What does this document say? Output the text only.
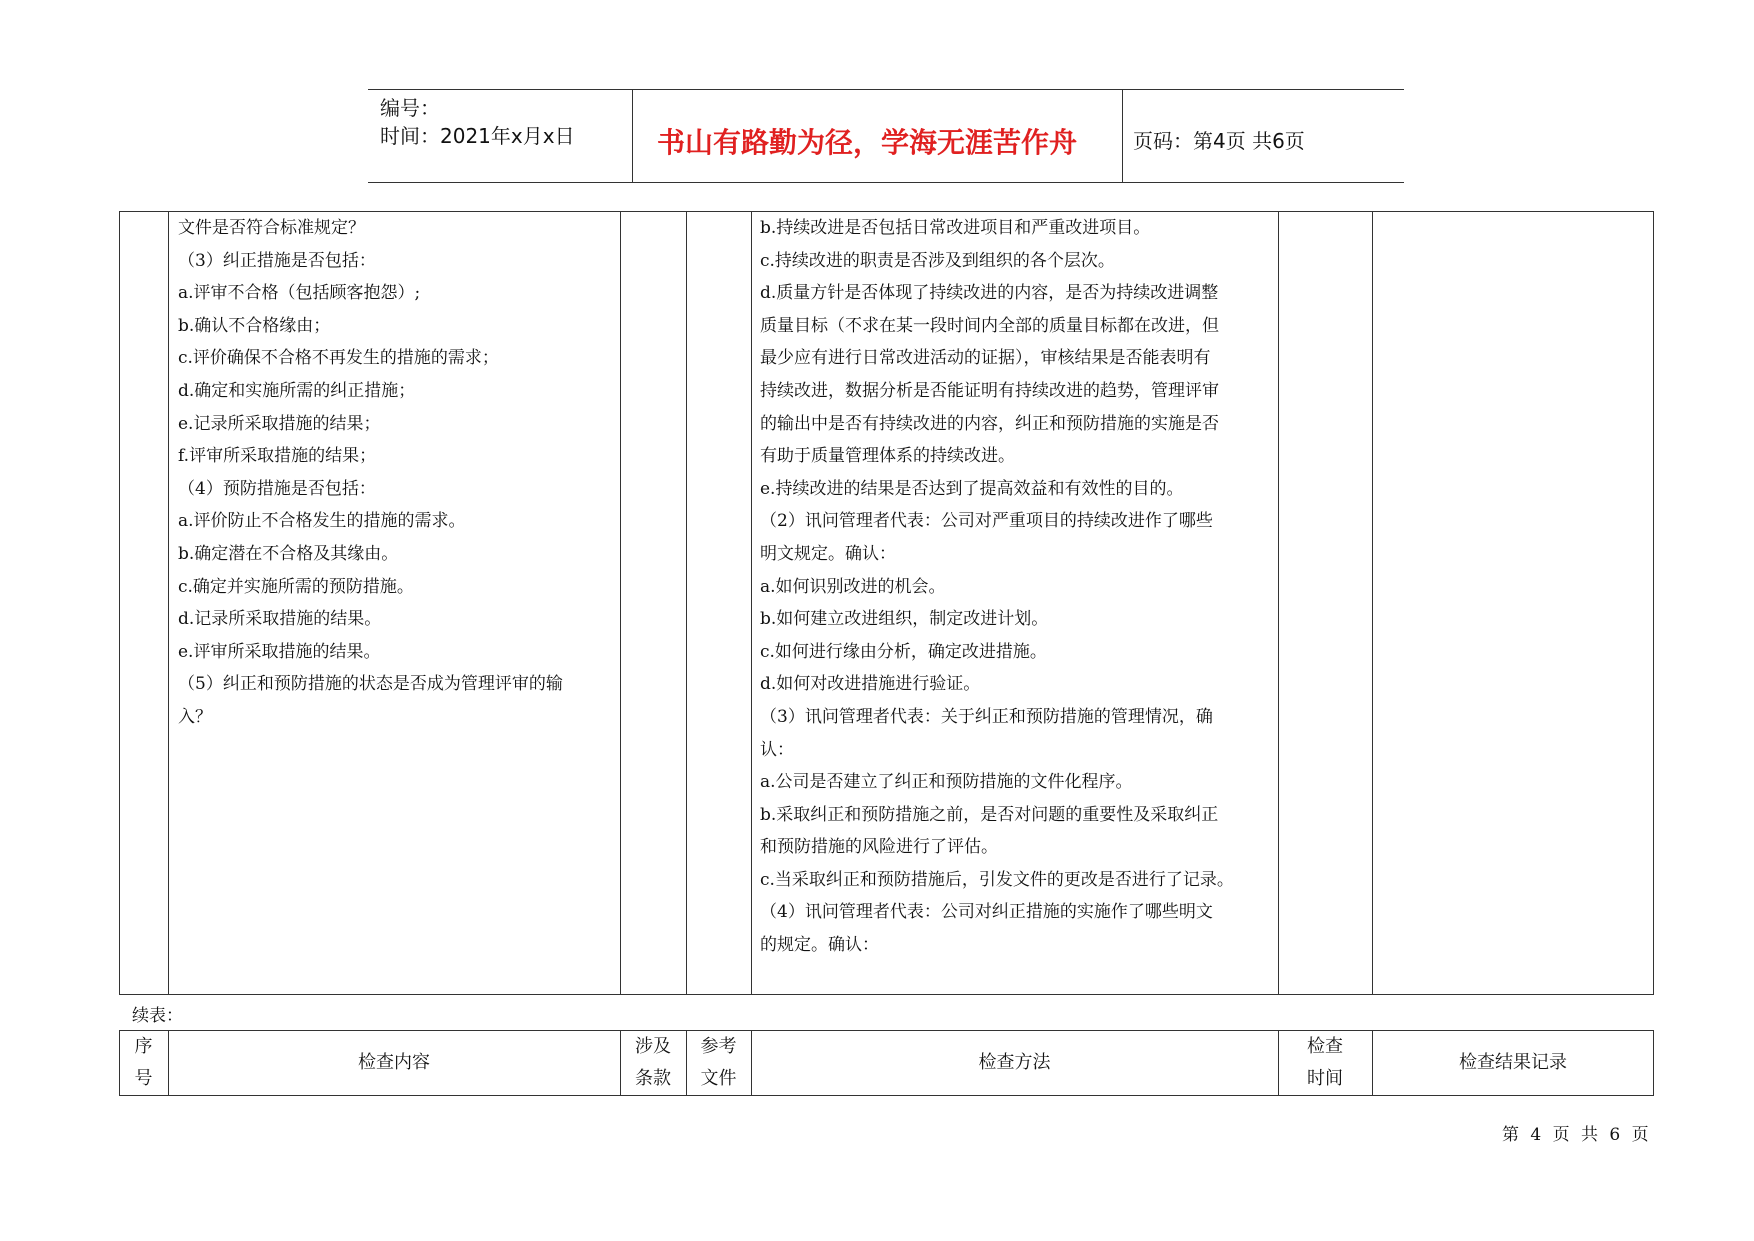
编号：
时间：2021年x月x日	书山有路勤为径，学海无涯苦作舟	页码：第4页 共6页
文件是否符合标准规定？
（3）纠正措施是否包括：
a.评审不合格（包括顾客抱怨）;
b.确认不合格缘由；
c.评价确保不合格不再发生的措施的需求；
d.确定和实施所需的纠正措施；
e.记录所采取措施的结果；
f.评审所采取措施的结果；
（4）预防措施是否包括：
a.评价防止不合格发生的措施的需求。
b.确定潜在不合格及其缘由。
c.确定并实施所需的预防措施。
d.记录所采取措施的结果。
e.评审所采取措施的结果。
（5）纠正和预防措施的状态是否成为管理评审的输
入？
b.持续改进是否包括日常改进项目和严重改进项目。
c.持续改进的职责是否涉及到组织的各个层次。
d.质量方针是否体现了持续改进的内容，是否为持续改进调整
质量目标（不求在某一段时间内全部的质量目标都在改进，但
最少应有进行日常改进活动的证据），审核结果是否能表明有
持续改进，数据分析是否能证明有持续改进的趋势，管理评审
的输出中是否有持续改进的内容，纠正和预防措施的实施是否
有助于质量管理体系的持续改进。
e.持续改进的结果是否达到了提高效益和有效性的目的。
（2）讯问管理者代表：公司对严重项目的持续改进作了哪些
明文规定。确认：
a.如何识别改进的机会。
b.如何建立改进组织，制定改进计划。
c.如何进行缘由分析，确定改进措施。
d.如何对改进措施进行验证。
（3）讯问管理者代表：关于纠正和预防措施的管理情况，确
认：
a.公司是否建立了纠正和预防措施的文件化程序。
b.采取纠正和预防措施之前，是否对问题的重要性及采取纠正
和预防措施的风险进行了评估。
c.当采取纠正和预防措施后，引发文件的更改是否进行了记录。
（4）讯问管理者代表：公司对纠正措施的实施作了哪些明文
的规定。确认：
续表：
序
号
检查内容
涉及
条款
参考
文件
检查方法
检查
时间
检查结果记录
第 4 页 共 6 页
